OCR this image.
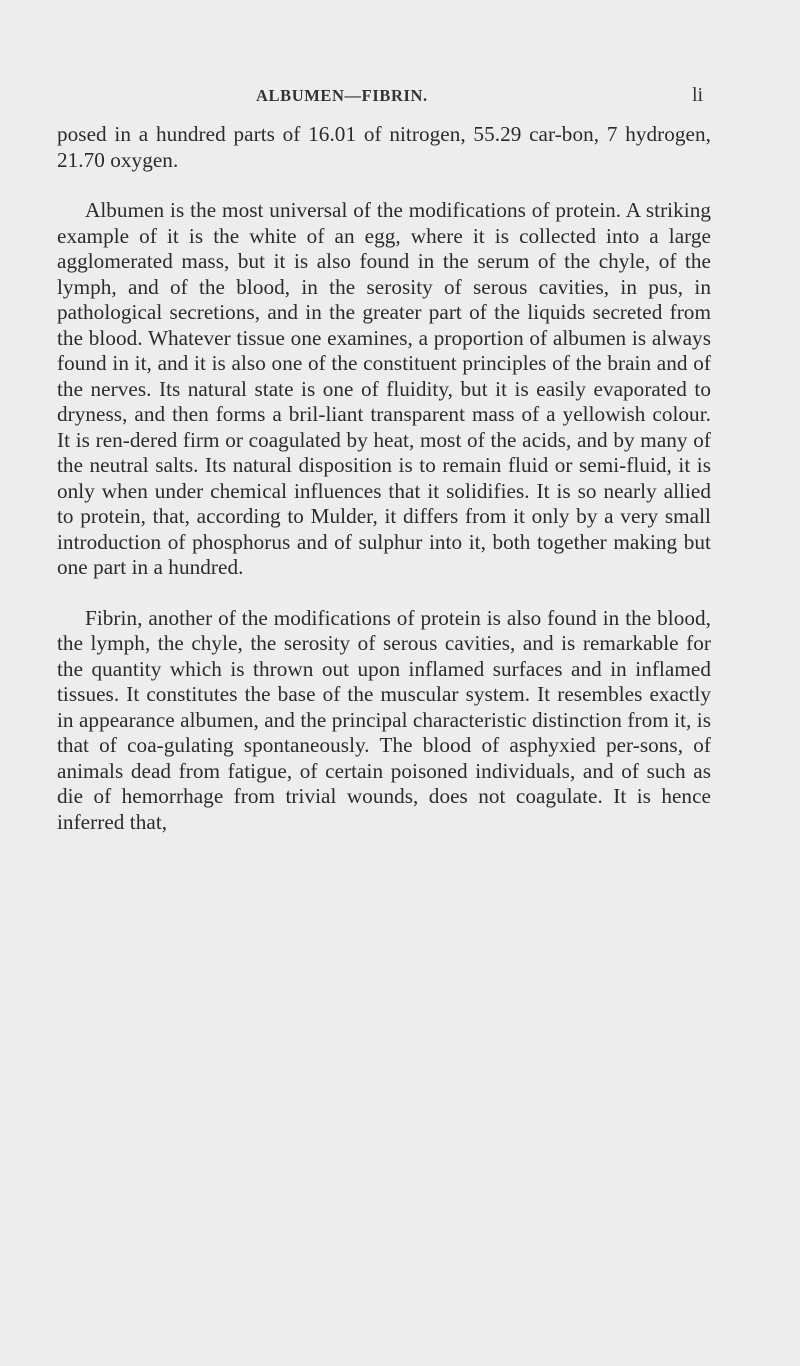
ALBUMEN—FIBRIN.	li

posed in a hundred parts of 16.01 of nitrogen, 55.29 car-bon, 7 hydrogen, 21.70 oxygen.

Albumen is the most universal of the modifications of protein. A striking example of it is the white of an egg, where it is collected into a large agglomerated mass, but it is also found in the serum of the chyle, of the lymph, and of the blood, in the serosity of serous cavities, in pus, in pathological secretions, and in the greater part of the liquids secreted from the blood. Whatever tissue one examines, a proportion of albumen is always found in it, and it is also one of the constituent principles of the brain and of the nerves. Its natural state is one of fluidity, but it is easily evaporated to dryness, and then forms a bril-liant transparent mass of a yellowish colour. It is ren-dered firm or coagulated by heat, most of the acids, and by many of the neutral salts. Its natural disposition is to remain fluid or semi-fluid, it is only when under chemical influences that it solidifies. It is so nearly allied to protein, that, according to Mulder, it differs from it only by a very small introduction of phosphorus and of sulphur into it, both together making but one part in a hundred.

Fibrin, another of the modifications of protein is also found in the blood, the lymph, the chyle, the serosity of serous cavities, and is remarkable for the quantity which is thrown out upon inflamed surfaces and in inflamed tissues. It constitutes the base of the muscular system. It resembles exactly in appearance albumen, and the principal characteristic distinction from it, is that of coa-gulating spontaneously. The blood of asphyxied per-sons, of animals dead from fatigue, of certain poisoned individuals, and of such as die of hemorrhage from trivial wounds, does not coagulate. It is hence inferred that,
